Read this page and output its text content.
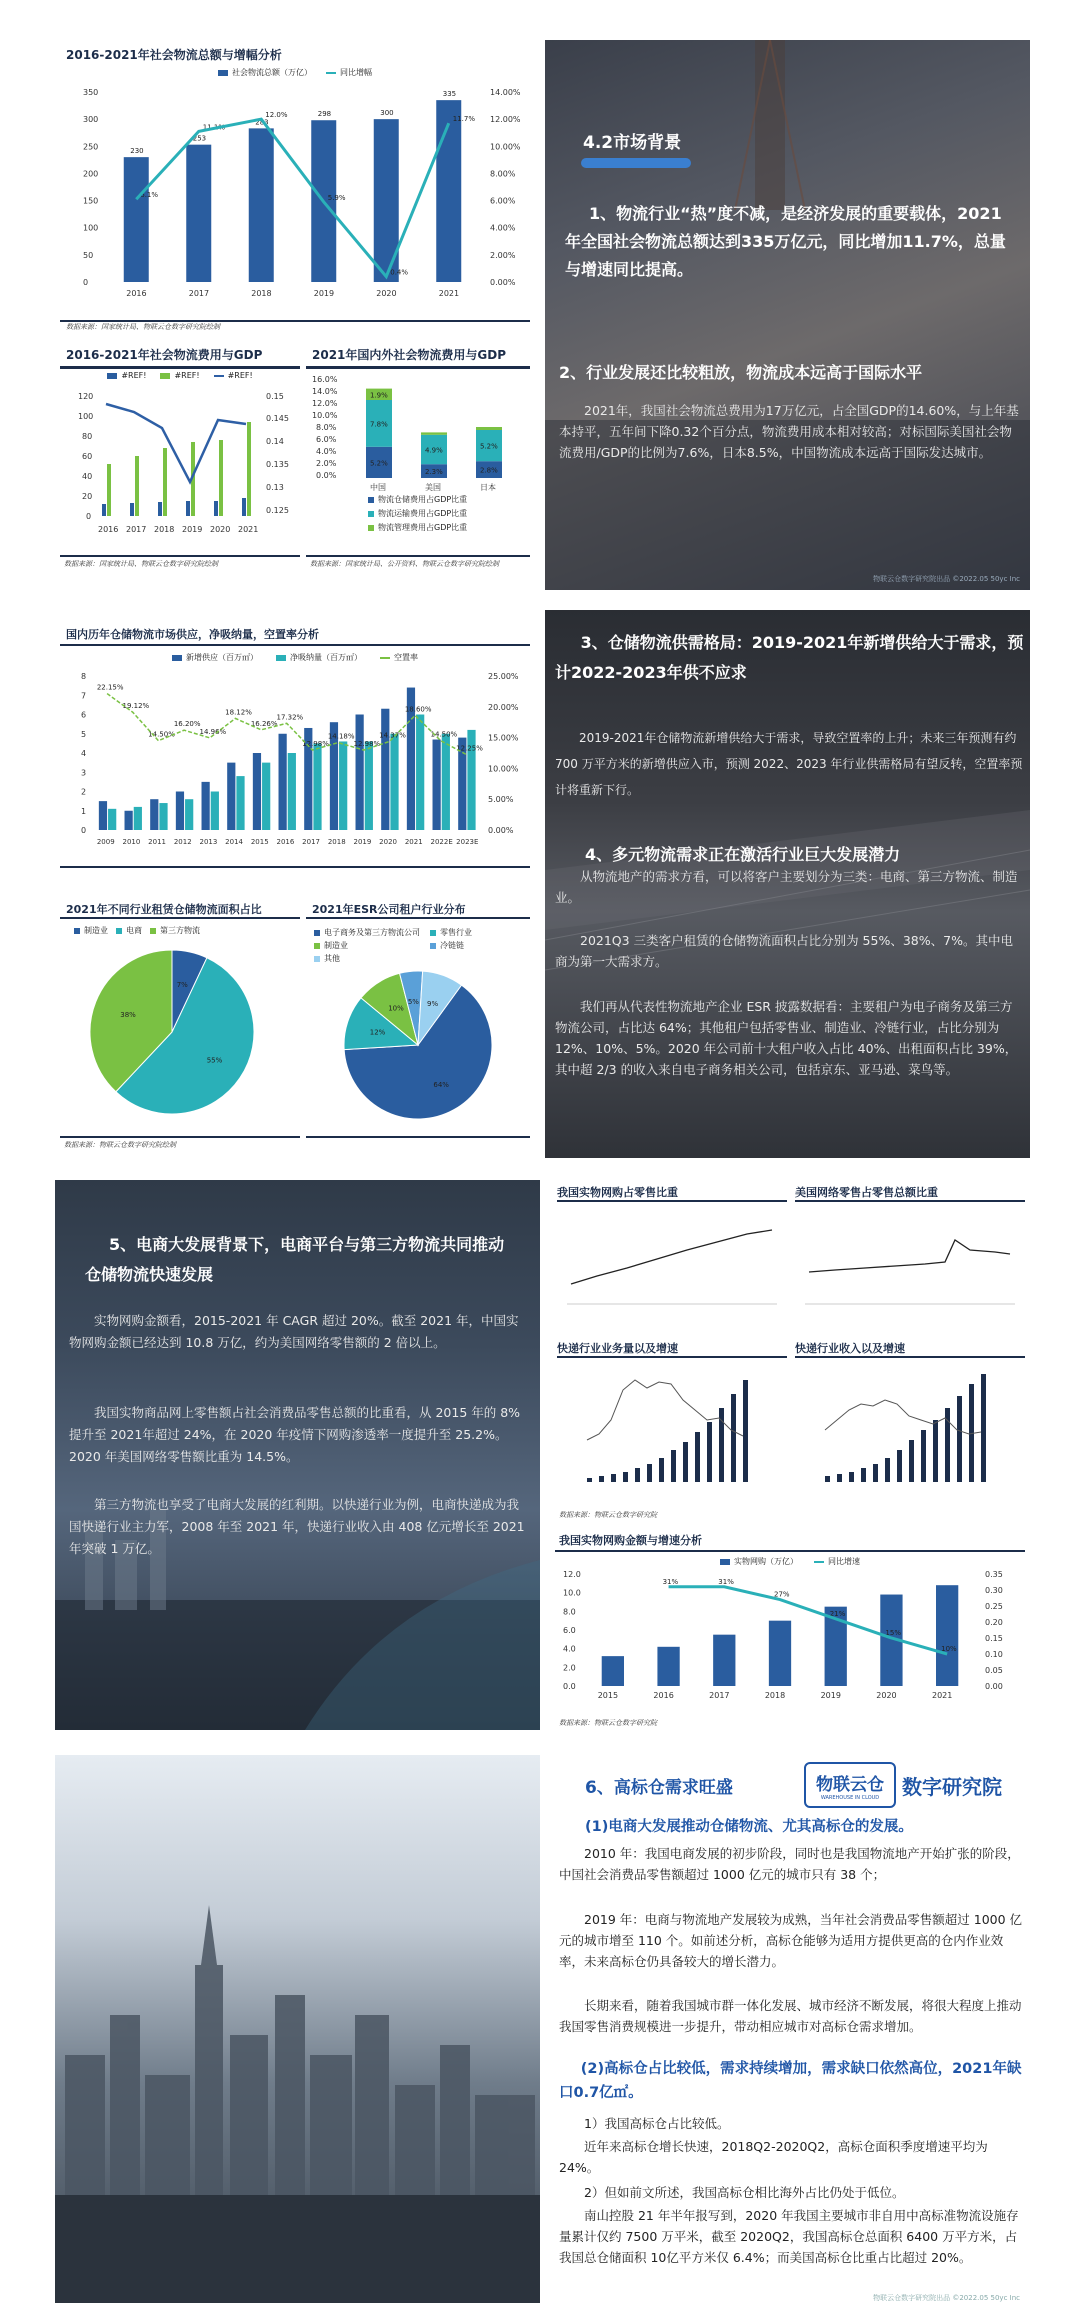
2016-2021年社会物流总额与增幅分析
社会物流总额（万亿）	同比增幅
0
50
100
150
200
250
300
350
0.00%
2.00%
4.00%
6.00%
8.00%
10.00%
12.00%
14.00%
230
2016
6.1%
253
2017
11.1%
283
2018
12.0%	298
2019
5.9%
300
2020
0.4%
335
2021
11.7%
数据来源：国家统计局、物联云仓数字研究院绘制
2016-2021年社会物流费用与GDP
#REF!	#REF!	#REF!
120
100
80
60
40
20
0
0.15
0.145
0.14
0.135
0.13
0.125
2016 2017 2018 2019 2020 2021
数据来源：国家统计局、物联云仓数字研究院绘制
2021年国内外社会物流费用与GDP
16.0%
14.0%
12.0%
10.0%
8.0%
6.0%
4.0%
2.0%
0.0%
5.2%
7.8%
1.9%
中国
2.3%
4.9%
美国
2.8%
5.2%
日本
物流仓储费用占GDP比重
物流运输费用占GDP比重
物流管理费用占GDP比重
数据来源：国家统计局、公开资料、物联云仓数字研究院绘制
4.2市场背景
1、物流行业“热”度不减，是经济发展的重要载体，2021年全国社会物流总额达到335万亿元，同比增加11.7%，总量与增速同比提高。
2、行业发展还比较粗放，物流成本远高于国际水平
2021年，我国社会物流总费用为17万亿元，占全国GDP的14.60%，与上年基本持平，五年间下降0.32个百分点，物流费用成本相对较高；对标国际美国社会物流费用/GDP的比例为7.6%，日本8.5%，中国物流成本远高于国际发达城市。
物联云仓数字研究院出品 ©2022.05 50yc Inc
国内历年仓储物流市场供应，净吸纳量，空置率分析
新增供应（百万㎡）	净吸纳量（百万㎡）	空置率
0
1
2
3
4
5
6
7
8
0.00%
5.00%
10.00%
15.00%
20.00%
25.00%
2009
22.15%
2010
19.12%
2011
14.50%
2012
16.20%
2013
14.96%
2014
18.12%
2015
16.26%
2016
17.32%
2017
12.98%
2018
14.18%
2019
12.98%
2020
14.37%
2021
18.60%
2022E
14.50%
2023E
12.25%
2021年不同行业租赁仓储物流面积占比
制造业 电商 第三方物流
7%
55%
38%
数据来源：物联云仓数字研究院绘制
2021年ESR公司租户行业分布
电子商务及第三方物流公司	零售行业
制造业	冷链链
其他
64%
12%
10%
5% 9%
3、仓储物流供需格局：2019-2021年新增供给大于需求，预计2022-2023年供不应求
2019-2021年仓储物流新增供给大于需求，导致空置率的上升；未来三年预测有约 700 万平方米的新增供应入市，预测 2022、2023 年行业供需格局有望反转，空置率预计将重新下行。
4、多元物流需求正在激活行业巨大发展潜力
从物流地产的需求方看，可以将客户主要划分为三类：电商、第三方物流、制造业。
2021Q3 三类客户租赁的仓储物流面积占比分别为 55%、38%、7%。其中电商为第一大需求方。
我们再从代表性物流地产企业 ESR 披露数据看：主要租户为电子商务及第三方物流公司，占比达 64%；其他租户包括零售业、制造业、冷链行业，占比分别为 12%、10%、5%。2020 年公司前十大租户收入占比 40%、出租面积占比 39%，其中超 2/3 的收入来自电子商务相关公司，包括京东、亚马逊、菜鸟等。
5、电商大发展背景下，电商平台与第三方物流共同推动仓储物流快速发展
实物网购金额看，2015-2021 年 CAGR 超过 20%。截至 2021 年，中国实物网购金额已经达到 10.8 万亿，约为美国网络零售额的 2 倍以上。
我国实物商品网上零售额占社会消费品零售总额的比重看，从 2015 年的 8%提升至 2021年超过 24%，在 2020 年疫情下网购渗透率一度提升至 25.2%。2020 年美国网络零售额比重为 14.5%。
第三方物流也享受了电商大发展的红利期。以快递行业为例，电商快递成为我国快递行业主力军，2008 年至 2021 年，快递行业收入由 408 亿元增长至 2021 年突破 1 万亿。
我国实物网购占零售比重	美国网络零售占零售总额比重
快递行业业务量以及增速	快递行业收入以及增速
数据来源：物联云仓数字研究院
我国实物网购金额与增速分析
实物网购（万亿）	同比增速
0.0
2.0
4.0
6.0
8.0
10.0
12.0
0.00
0.05
0.10
0.15
0.20
0.25
0.30
0.35
2015	2016
31%
2017
31%
2018
27%
2019
21%
2020
15%
2021
10%
数据来源：物联云仓数字研究院
6、高标仓需求旺盛	物联云仓
WAREHOUSE IN CLOUD 数字研究院
(1)电商大发展推动仓储物流、尤其高标仓的发展。
2010 年：我国电商发展的初步阶段，同时也是我国物流地产开始扩张的阶段，中国社会消费品零售额超过 1000 亿元的城市只有 38 个；
2019 年：电商与物流地产发展较为成熟，当年社会消费品零售额超过 1000 亿元的城市增至 110 个。如前述分析，高标仓能够为适用方提供更高的仓内作业效率，未来高标仓仍具备较大的增长潜力。
长期来看，随着我国城市群一体化发展、城市经济不断发展，将很大程度上推动我国零售消费规模进一步提升，带动相应城市对高标仓需求增加。
(2)高标仓占比较低，需求持续增加，需求缺口依然高位，2021年缺口0.7亿㎡。
1）我国高标仓占比较低。
近年来高标仓增长快速，2018Q2-2020Q2，高标仓面积季度增速平均为 24%。
2）但如前文所述，我国高标仓相比海外占比仍处于低位。
南山控股 21 年半年报写到，2020 年我国主要城市非自用中高标准物流设施存量累计仅约 7500 万平米，截至 2020Q2，我国高标仓总面积 6400 万平方米，占我国总仓储面积 10亿平方米仅 6.4%；而美国高标仓比重占比超过 20%。
物联云仓数字研究院出品 ©2022.05 50yc Inc
